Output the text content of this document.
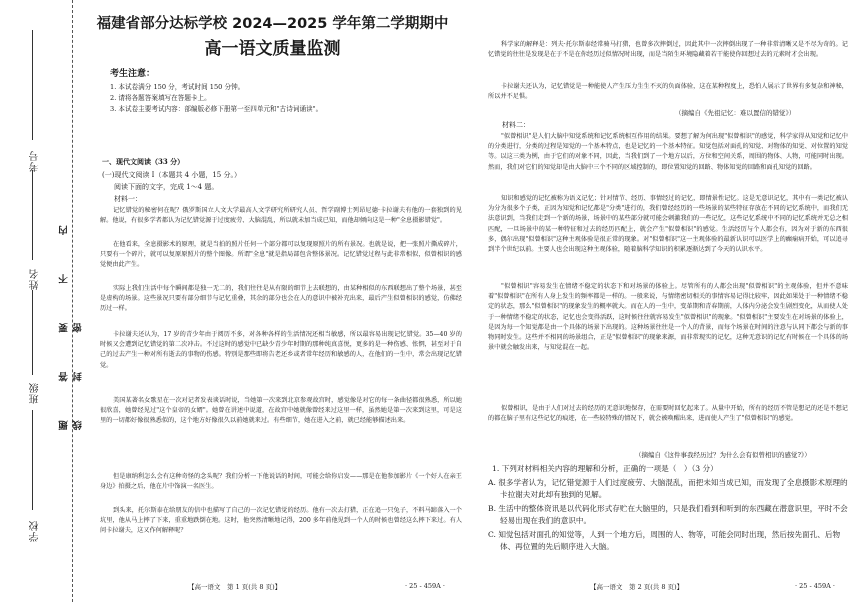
考号
姓名
班级
学校
题 答 要 不 内 线 封 密
福建省部分达标学校 2024—2025 学年第二学期期中
高一语文质量监测
考生注意：
1. 本试卷满分 150 分，考试时间 150 分钟。
2. 请将各题答案填写在答题卡上。
3. 本试卷主要考试内容：部编版必修下册第一至四单元和"古诗词诵读"。
一、现代文阅读（33 分）
(一)现代文阅读 Ⅰ（本题共 4 小题，15 分。）
阅读下面的文字，完成 1～4 题。
材料一：
记忆错觉的秘密何在呢？俄罗斯国立人文大学最高人文学研究所研究人员、哲学副博士列昂尼德·卡拉谢夫有他的一套独到的见解。他说，有很多学者都认为记忆错觉源于过度疲劳、大脑混乱，所以就未加当成已知，而他却倾向这是一种"全息摄影错觉"。
在他看来，全息摄影术的原理，就是当拍的照片任何一个部分都可以复现原照片的所有景况。也就是说，把一张照片撕成碎片，只要有一个碎片，就可以复原原照片的整个图像。所谓"全息"就是指局部包含整体景况。记忆错觉过程与此非常相似，似曾相识的感觉便由此产生。
实际上我们生活中每个瞬间都是独一无二的，我们往往是从有限的细节上去联想的，由某种相似的东西联想出了整个场景，甚至是虚构的场景。这些景况只要有部分细节与记忆重叠，其余的部分也会在人的意识中被补充出来，最后产生似曾相识的感觉，仿佛经历过一样。
卡拉谢夫还认为，17 岁的青少年由于阅历不多，对各种各样的生活情况还相当敏感，所以最容易出现记忆错觉。35—40 岁的时候又会遭到记忆错觉的第二次冲击。不过这时的感觉中已缺少青少年时期的那种纯真喜悦，更多的是一种伤感、怅惘，甚至对于自己的过去产生一种对所有逝去的事物的伤感。特别是那些即将告老还乡或者常年经历和敏感的人，在他们的一生中，常会出现记忆错觉。
美国某著名女歌星在一次对记者发表谈话时说，当她第一次来到北京参观故宫时，感觉像是对它的每一条曲径都很熟悉，所以她很欣喜，她曾经见过"这个皇帝的女婿"。她曾在讲述中说道，在故宫中她就像曾经来过这里一样，虽然她是第一次来到这里，可是这里的一切都好像很熟悉似的，这个地方好像很久以前她就来过。有些细节，她在进入之前，就已经能够描述出来。
但是康纳利怎么会有这种奇怪的念头呢？我们分析一下他说话的时间，可能会给你启发——那是在他参加影片《一个好人在亲王身边》拍摄之后，他在片中饰演一名医生。
到头来，托尔斯泰在给朋友的信中也描写了自己的一次记忆错觉的经历。他有一次去打猎，正在追一只兔子，不料马蹄落入一个坑里，他从马上摔了下来，重重地跌倒在地。这时，他突然清晰地记得，200 多年前他见到一个人的时候也曾经这么摔下来过。有人问卡拉谢夫，这又作何解释呢？
【高一语文　第 1 页(共 8 页)】	· 25 - 459A ·
科学家的解释是：列夫·托尔斯泰经常骑马打猎，也曾多次摔倒过，因此其中一次摔倒出现了一种非常清晰又是不尽为奇的。记忆错觉的往往是发现是在于不是在你经历过似情况时出现，而是当陌生环境隐藏着若干能使你回想过去的元素时才会出现。
卡拉谢夫还认为，记忆错觉是一种能使人产生压力生生不灭的负面体验，这在某种程度上，恐怕人展示了世界有多复杂和神秘，所以并不足惧。
（摘编自《先祖记忆：难以置信的错觉》）
材料二：
"似曾相识"是人们大脑中知觉系统和记忆系统相互作用的结果。要想了解为何出现"似曾相识"的感觉，科学家得从知觉和记忆中的分类进行，分类的过程是知觉的一个基本特点，也是记忆的一个基本特征。知觉包括对面孔的知觉、对物体的知觉、对位置的知觉等。以这三类为例，由于它们的对象不同，因此，当我们到了一个地方以后，方位和空间关系，周围的物体、人物，可能同时出现。然而，我们对它们的知觉却是由大脑中三个不同的区域控制的，即位置知觉的回路、物体知觉的回路和面孔知觉的回路。
知识和感觉的记忆被称为语义记忆；针对情节、经历、事情经过的记忆，即情景性记忆。这是无意识记忆，其中有一类记忆被认为分为很多个子类，正因为知觉和记忆都是"分类"进行的，我们曾经经历的一些场景的某些特征存放在不同的记忆系统中，而我们无法意识到，当我们走到一个新的场景，场景中的某些部分就可能会刺激我们的一些记忆，这些记忆系统中不同的记忆系统并无总之相匹配，一旦场景中的某一种特征和过去的经历匹配上，就会产生"似曾相识"的感觉。生活经历与个人都会有，因为对于新的东西很多，偶尔出现"似曾相识"这种主观体验是很正常的现象。对"似曾相识"这一主观体验的最新认识可以医学上的癫痫病开始，可以追寻到半个世纪以前。主要人也会出现这种主观体验，随着脑科学知识的积累逐渐达到了今天的认识水平。
"似曾相识"容易发生在情绪不稳定的状态下和对场景的体验上。尽管所有的人都会出现"似曾相识"的主观体验，但并不意味着"似曾相识"在所有人身上发生的频率都是一样的。一般来说，与情绪密切相关的事情容易记得比较牢，因此如果处于一种情绪不稳定的状态，那么"似曾相识"的现象发生的概率就大。而在人的一生中，变革期和青春期前，人体内分泌会发生剧烈变化，从而使人处于一种情绪不稳定的状态，记忆也会变得活跃，这时候往往就容易发生"似曾相识"的现象。"似曾相识"主要发生在对场景的体验上，是因为每一个知觉都是由一个具体的场景下出现的。这种场景往往是一个人的背景，而每个场景在时间的注意与认同下都会与新的事物同时发生。这些并不相同的场景组合，正是"似曾相识"的现象来源，而非常现实的记忆，这种无意识的记忆有时候在一个具体的场景中就会触发出来，与知觉混在一起。
似曾相识，是由于人们对过去的经历的无意识地保存，在需要时回忆起来了。从量中开始，所有的经历不管是想记的还是不想记的都在脑子里有这些记忆的痕迹，在一些较特殊的情况下，就会被唤醒出来，进而使人产生了"似曾相识"的感觉。
（摘编自《这件事我经历过？为什么会有似曾相识的感觉?》）
1. 下列对材料相关内容的理解和分析，正确的一项是（　）（3 分）
A. 很多学者认为，记忆错觉源于人们过度疲劳、大脑混乱，而把未知当成已知，而发现了全息摄影术原理的卡拉谢夫对此却有独到的见解。
B. 生活中的整体资讯是以代码化形式存贮在大脑里的，只是我们看到和听到的东西藏在潜意识里，平时不会轻易出现在我们的意识中。
C. 知觉包括对面孔的知觉等，人到一个地方后，周围的人、物等，可能会同时出现，然后按先面孔、后物体、再位置的先后顺序进入大脑。
【高一语文　第 2 页(共 8 页)】	· 25 - 459A ·
